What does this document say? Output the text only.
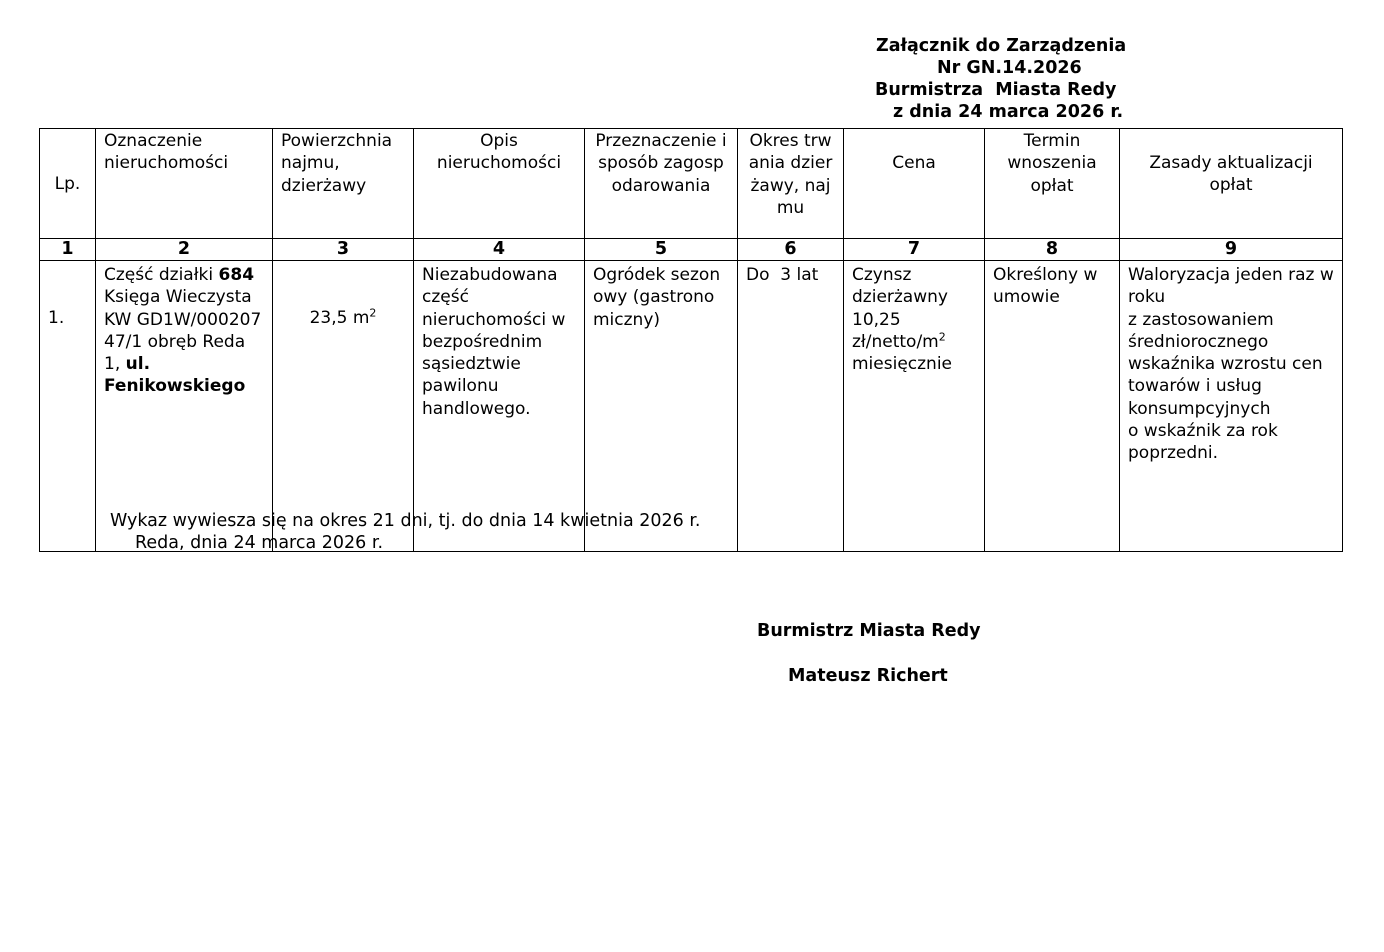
Załącznik do Zarządzenia
Nr GN.14.2026
Burmistrza  Miasta Redy
z dnia 24 marca 2026 r.
Lp.	Oznaczenie nieruchomości	Powierzchnia najmu, dzierżawy	Opis nieruchomości	Przeznaczenie i sposób zagospodarowania	Okres trwania dzierżawy, najmu	Cena	Termin wnoszenia opłat	Zasady aktualizacji opłat
1	2	3	4	5	6	7	8	9
1.	Część działki 684 Księga Wieczysta KW GD1W/00020747/1 obręb Reda 1, ul. Fenikowskiego	23,5 $m^2$	Niezabudowana część nieruchomości w bezpośrednim sąsiedztwie pawilonu handlowego.	Ogródek sezonowy (gastronomiczny)	Do  3 lat	Czynsz dzierżawny 10,25 $zł/netto/m^2$ miesięcznie	Określony w umowie	Waloryzacja jeden raz w roku
z zastosowaniem średniorocznego wskaźnika wzrostu cen towarów i usług konsumpcyjnych
o wskaźnik za rok poprzedni.
Wykaz wywiesza się na okres 21 dni, tj. do dnia 14 kwietnia 2026 r.
Reda, dnia 24 marca 2026 r.
Burmistrz Miasta Redy
Mateusz Richert
